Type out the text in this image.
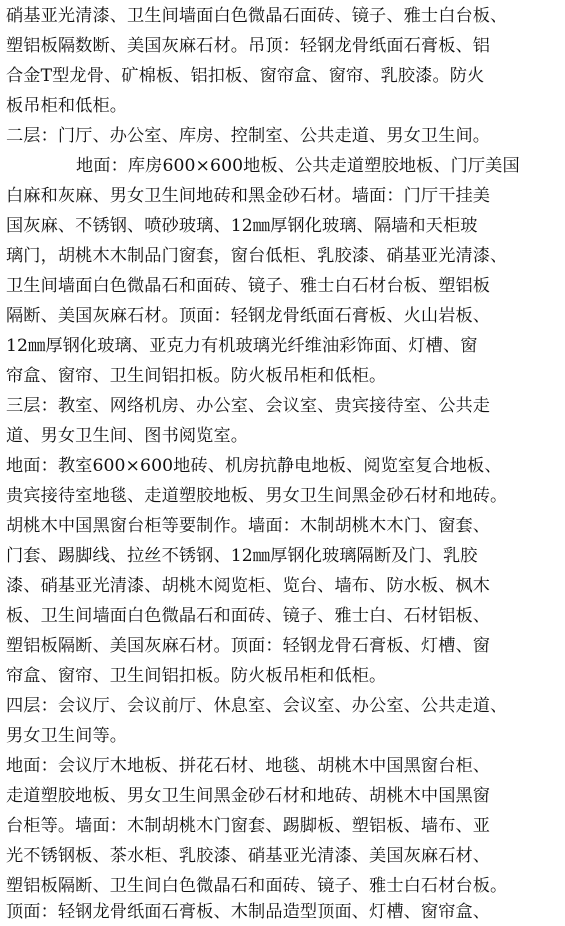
硝基亚光清漆、卫生间墙面白色微晶石面砖、镜子、雅士白台板、
塑铝板隔数断、美国灰麻石材。吊顶：轻钢龙骨纸面石膏板、铝
合金T型龙骨、矿棉板、铝扣板、窗帘盒、窗帘、乳胶漆。防火
板吊柜和低柜。
二层：门厅、办公室、库房、控制室、公共走道、男女卫生间。
地面：库房600×600地板、公共走道塑胶地板、门厅美国
白麻和灰麻、男女卫生间地砖和黑金砂石材。墙面：门厅干挂美
国灰麻、不锈钢、喷砂玻璃、12㎜厚钢化玻璃、隔墙和天柜玻
璃门，胡桃木木制品门窗套，窗台低柜、乳胶漆、硝基亚光清漆、
卫生间墙面白色微晶石和面砖、镜子、雅士白石材台板、塑铝板
隔断、美国灰麻石材。顶面：轻钢龙骨纸面石膏板、火山岩板、
12㎜厚钢化玻璃、亚克力有机玻璃光纤维油彩饰面、灯槽、窗
帘盒、窗帘、卫生间铝扣板。防火板吊柜和低柜。
三层：教室、网络机房、办公室、会议室、贵宾接待室、公共走
道、男女卫生间、图书阅览室。
地面：教室600×600地砖、机房抗静电地板、阅览室复合地板、
贵宾接待室地毯、走道塑胶地板、男女卫生间黑金砂石材和地砖。
胡桃木中国黑窗台柜等要制作。墙面：木制胡桃木木门、窗套、
门套、踢脚线、拉丝不锈钢、12㎜厚钢化玻璃隔断及门、乳胶
漆、硝基亚光清漆、胡桃木阅览柜、览台、墙布、防水板、枫木
板、卫生间墙面白色微晶石和面砖、镜子、雅士白、石材铝板、
塑铝板隔断、美国灰麻石材。顶面：轻钢龙骨石膏板、灯槽、窗
帘盒、窗帘、卫生间铝扣板。防火板吊柜和低柜。
四层：会议厅、会议前厅、休息室、会议室、办公室、公共走道、
男女卫生间等。
地面：会议厅木地板、拼花石材、地毯、胡桃木中国黑窗台柜、
走道塑胶地板、男女卫生间黑金砂石材和地砖、胡桃木中国黑窗
台柜等。墙面：木制胡桃木门窗套、踢脚板、塑铝板、墙布、亚
光不锈钢板、茶水柜、乳胶漆、硝基亚光清漆、美国灰麻石材、
塑铝板隔断、卫生间白色微晶石和面砖、镜子、雅士白石材台板。
顶面：轻钢龙骨纸面石膏板、木制品造型顶面、灯槽、窗帘盒、
